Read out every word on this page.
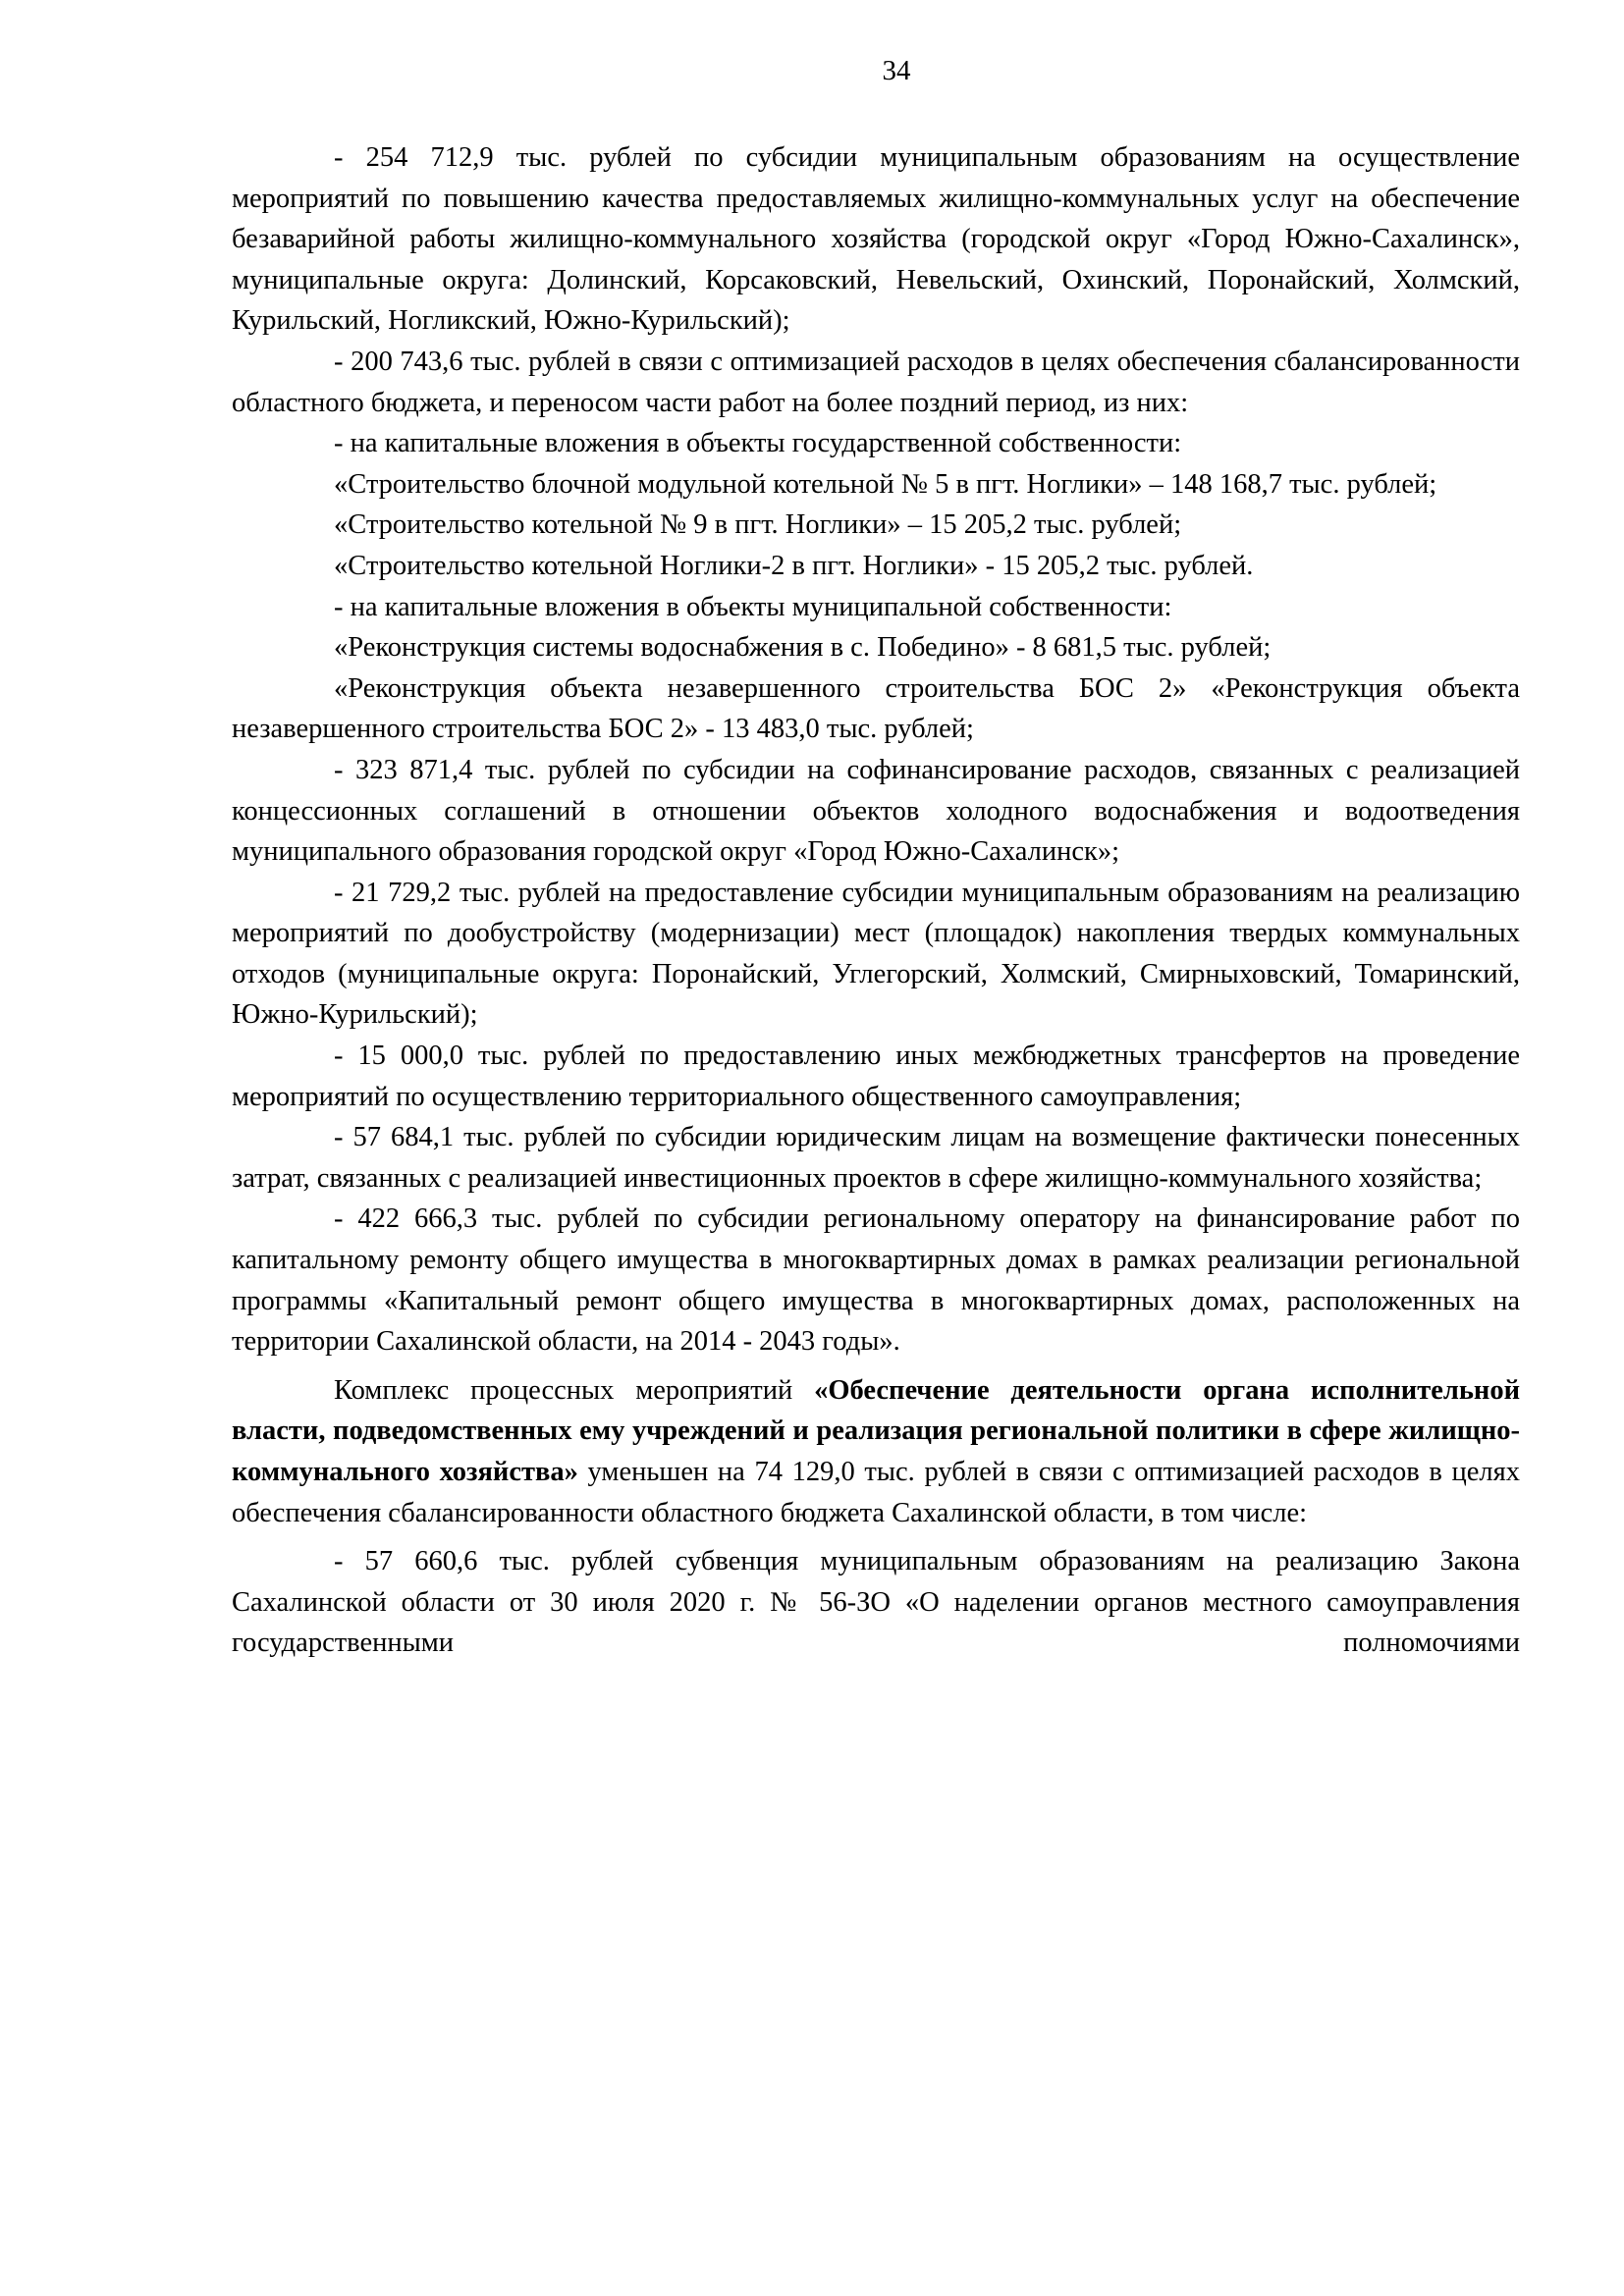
34

- 254 712,9 тыс. рублей по субсидии муниципальным образованиям на осуществление мероприятий по повышению качества предоставляемых жилищно-коммунальных услуг на обеспечение безаварийной работы жилищно-коммунального хозяйства (городской округ «Город Южно-Сахалинск», муниципальные округа: Долинский, Корсаковский, Невельский, Охинский, Поронайский, Холмский, Курильский, Ногликский, Южно-Курильский);

- 200 743,6 тыс. рублей в связи с оптимизацией расходов в целях обеспечения сбалансированности областного бюджета, и переносом части работ на более поздний период, из них:

- на капитальные вложения в объекты государственной собственности:

«Строительство блочной модульной котельной № 5 в пгт. Ноглики» – 148 168,7 тыс. рублей;

«Строительство котельной № 9 в пгт. Ноглики» – 15 205,2 тыс. рублей;

«Строительство котельной Ноглики-2 в пгт. Ноглики» - 15 205,2 тыс. рублей.

- на капитальные вложения в объекты муниципальной собственности:

«Реконструкция системы водоснабжения в с. Победино» - 8 681,5 тыс. рублей;

«Реконструкция объекта незавершенного строительства БОС 2» «Реконструкция объекта незавершенного строительства БОС 2» - 13 483,0 тыс. рублей;

- 323 871,4 тыс. рублей по субсидии на софинансирование расходов, связанных с реализацией концессионных соглашений в отношении объектов холодного водоснабжения и водоотведения муниципального образования городской округ «Город Южно-Сахалинск»;

- 21 729,2 тыс. рублей на предоставление субсидии муниципальным образованиям на реализацию мероприятий по дообустройству (модернизации) мест (площадок) накопления твердых коммунальных отходов (муниципальные округа: Поронайский, Углегорский, Холмский, Смирныховский, Томаринский, Южно-Курильский);

- 15 000,0 тыс. рублей по предоставлению иных межбюджетных трансфертов на проведение мероприятий по осуществлению территориального общественного самоуправления;

- 57 684,1 тыс. рублей по субсидии юридическим лицам на возмещение фактически понесенных затрат, связанных с реализацией инвестиционных проектов в сфере жилищно-коммунального хозяйства;

- 422 666,3 тыс. рублей по субсидии региональному оператору на финансирование работ по капитальному ремонту общего имущества в многоквартирных домах в рамках реализации региональной программы «Капитальный ремонт общего имущества в многоквартирных домах, расположенных на территории Сахалинской области, на 2014 - 2043 годы».

Комплекс процессных мероприятий «Обеспечение деятельности органа исполнительной власти, подведомственных ему учреждений и реализация региональной политики в сфере жилищно-коммунального хозяйства» уменьшен на 74 129,0 тыс. рублей в связи с оптимизацией расходов в целях обеспечения сбалансированности областного бюджета Сахалинской области, в том числе:

- 57 660,6 тыс. рублей субвенция муниципальным образованиям на реализацию Закона Сахалинской области от 30 июля 2020 г. № 56-ЗО «О наделении органов местного самоуправления государственными полномочиями
